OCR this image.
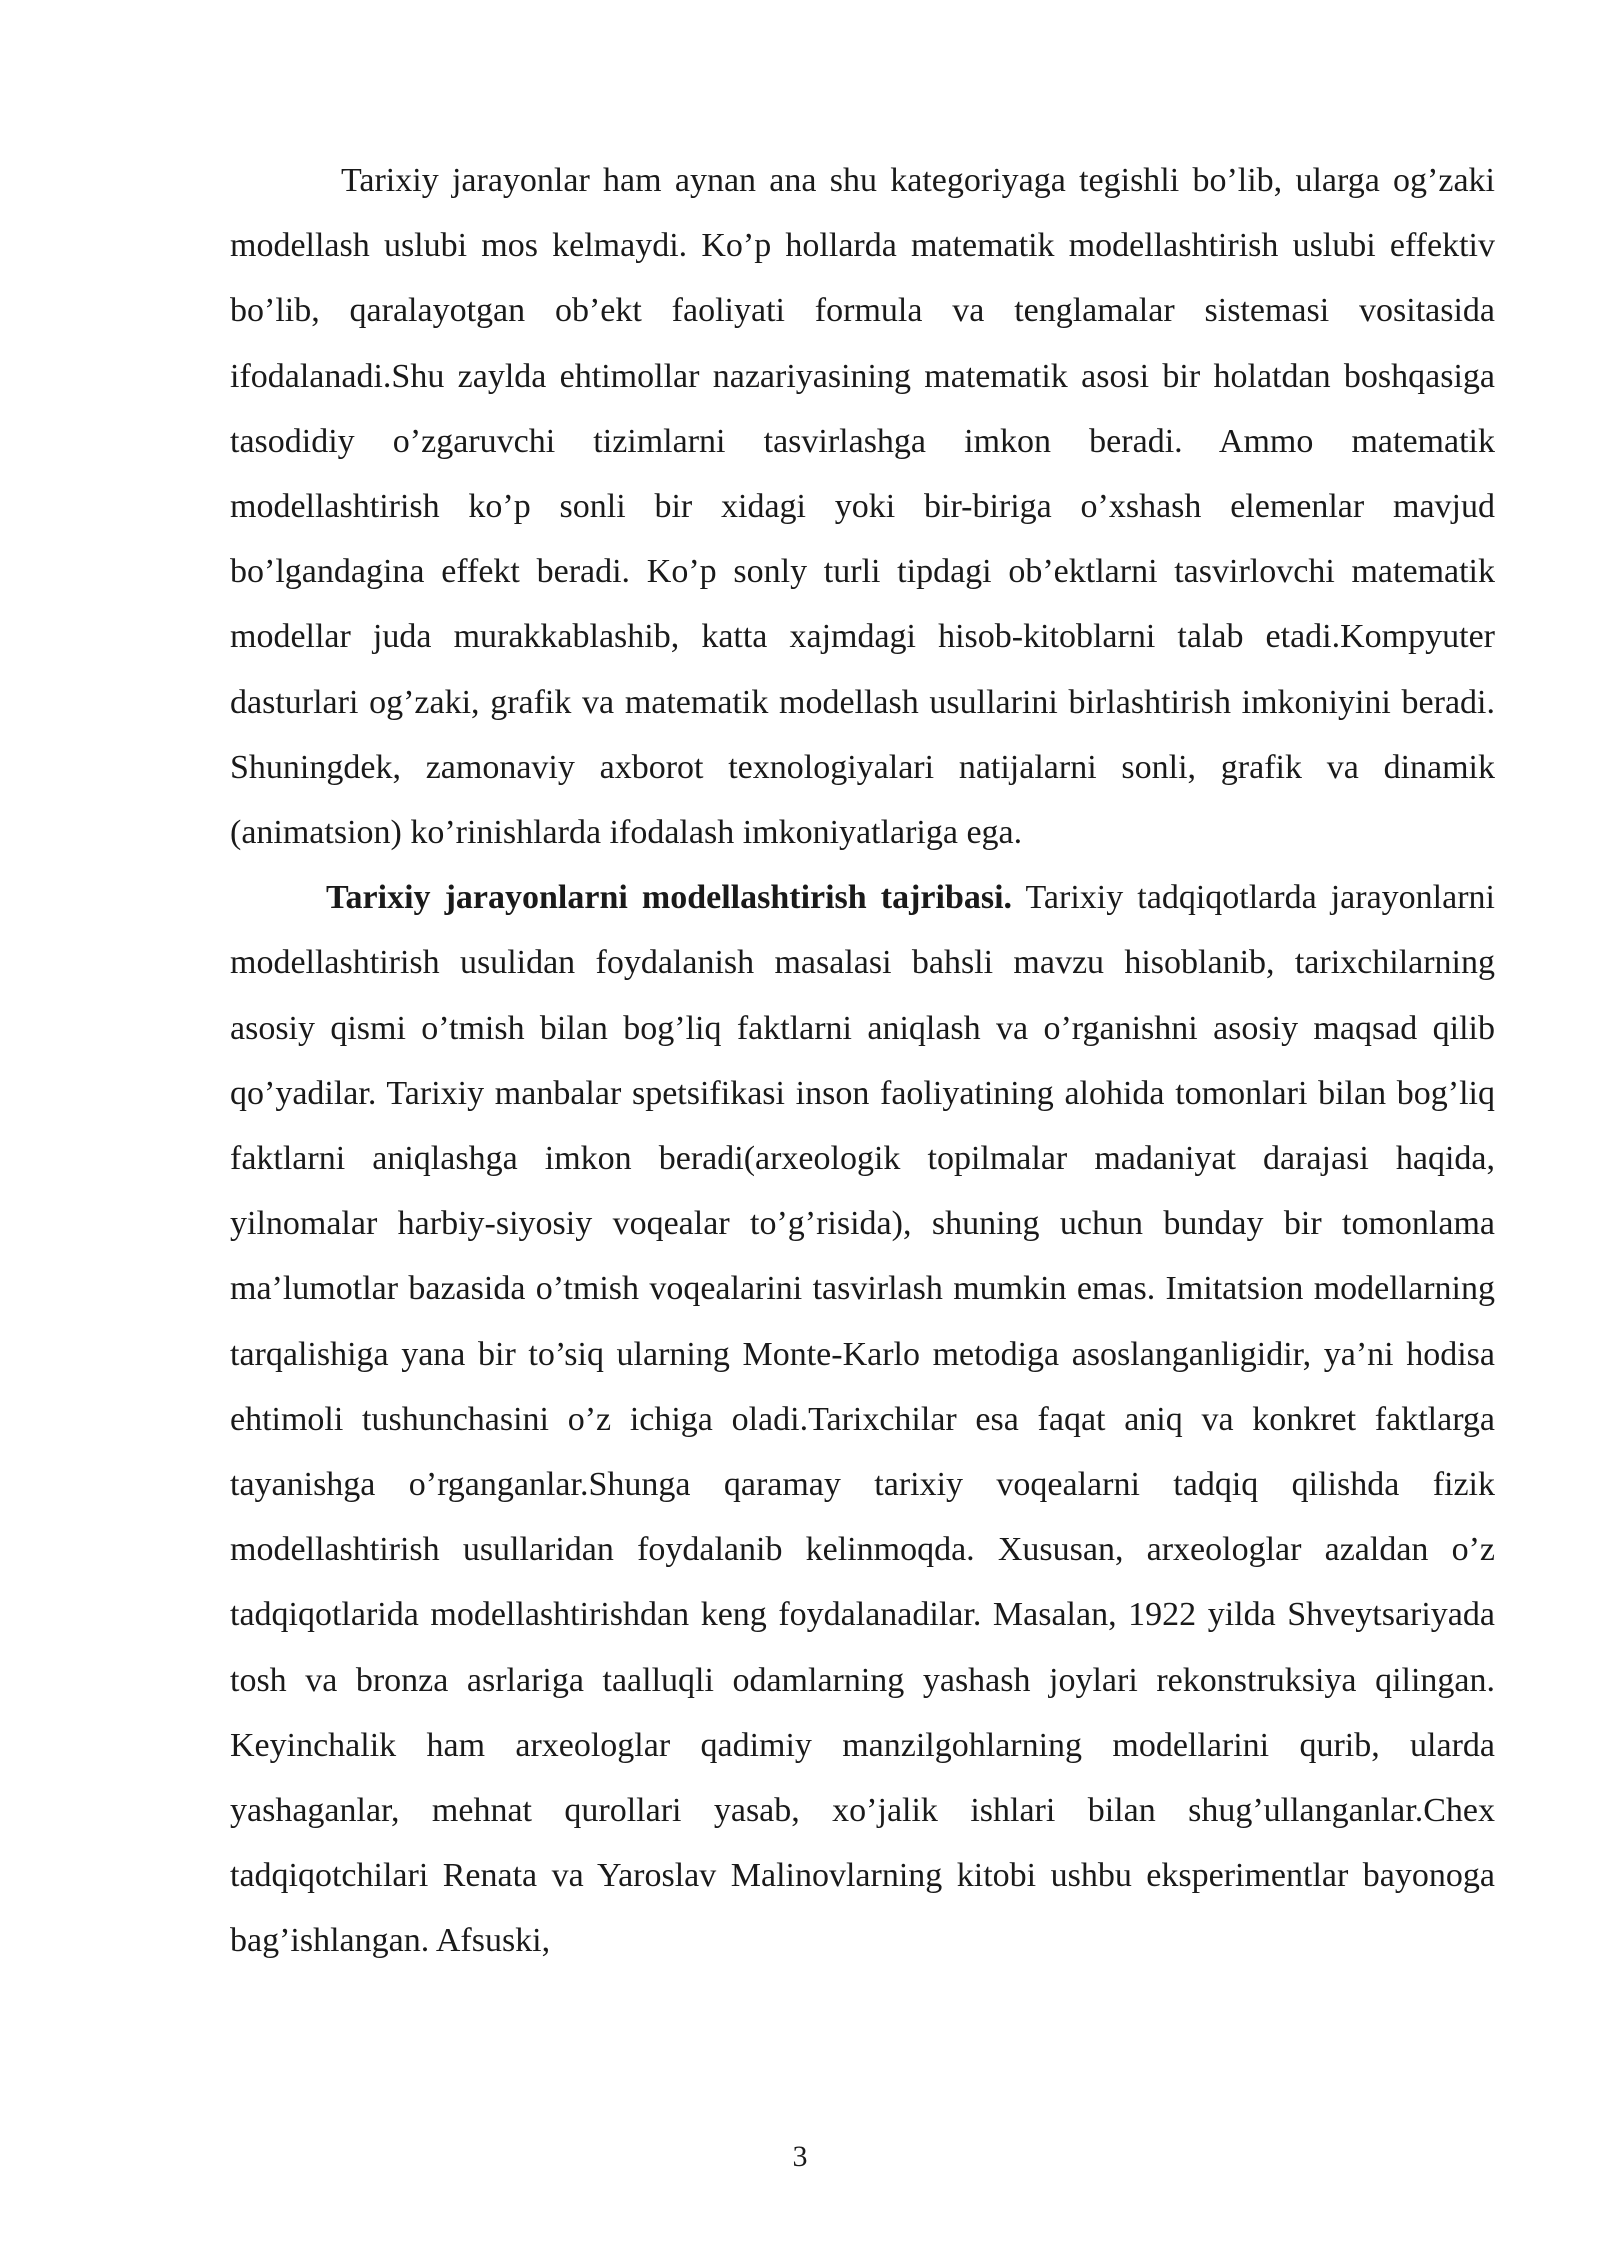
Tarixiy jarayonlar ham aynan ana shu kategoriyaga tegishli bo’lib, ularga og’zaki modellash uslubi mos kelmaydi. Ko’p hollarda matematik modellashtirish uslubi effektiv bo’lib, qaralayotgan ob’ekt faoliyati formula va tenglamalar sistemasi vositasida ifodalanadi.Shu zaylda ehtimollar nazariyasining matematik asosi bir holatdan boshqasiga tasodidiy o’zgaruvchi tizimlarni tasvirlashga imkon beradi. Ammo matematik modellashtirish ko’p sonli bir xidagi yoki bir-biriga o’xshash elemenlar mavjud bo’lgandagina effekt beradi. Ko’p sonly turli tipdagi ob’ektlarni tasvirlovchi matematik modellar juda murakkablashib, katta xajmdagi hisob-kitoblarni talab etadi.Kompyuter dasturlari og’zaki, grafik va matematik modellash usullarini birlashtirish imkoniyini beradi. Shuningdek, zamonaviy axborot texnologiyalari natijalarni sonli, grafik va dinamik (animatsion) ko’rinishlarda ifodalash imkoniyatlariga ega.

Tarixiy jarayonlarni modellashtirish tajribasi. Tarixiy tadqiqotlarda jarayonlarni modellashtirish usulidan foydalanish masalasi bahsli mavzu hisoblanib, tarixchilarning asosiy qismi o’tmish bilan bog’liq faktlarni aniqlash va o’rganishni asosiy maqsad qilib qo’yadilar. Tarixiy manbalar spetsifikasi inson faoliyatining alohida tomonlari bilan bog’liq faktlarni aniqlashga imkon beradi(arxeologik topilmalar madaniyat darajasi haqida, yilnomalar harbiy-siyosiy voqealar to’g’risida), shuning uchun bunday bir tomonlama ma’lumotlar bazasida o’tmish voqealarini tasvirlash mumkin emas. Imitatsion modellarning tarqalishiga yana bir to’siq ularning Monte-Karlo metodiga asoslanganligidir, ya’ni hodisa ehtimoli tushunchasini o’z ichiga oladi.Tarixchilar esa faqat aniq va konkret faktlarga tayanishga o’rganganlar.Shunga qaramay tarixiy voqealarni tadqiq qilishda fizik modellashtirish usullaridan foydalanib kelinmoqda. Xususan, arxeologlar azaldan o’z tadqiqotlarida modellashtirishdan keng foydalanadilar. Masalan, 1922 yilda Shveytsariyada tosh va bronza asrlariga taalluqli odamlarning yashash joylari rekonstruksiya qilingan. Keyinchalik ham arxeologlar qadimiy manzilgohlarning modellarini qurib, ularda yashaganlar, mehnat qurollari yasab, xo’jalik ishlari bilan shug’ullanganlar.Chex tadqiqotchilari Renata va Yaroslav Malinovlarning kitobi ushbu eksperimentlar bayonoga bag’ishlangan. Afsuski,

3
